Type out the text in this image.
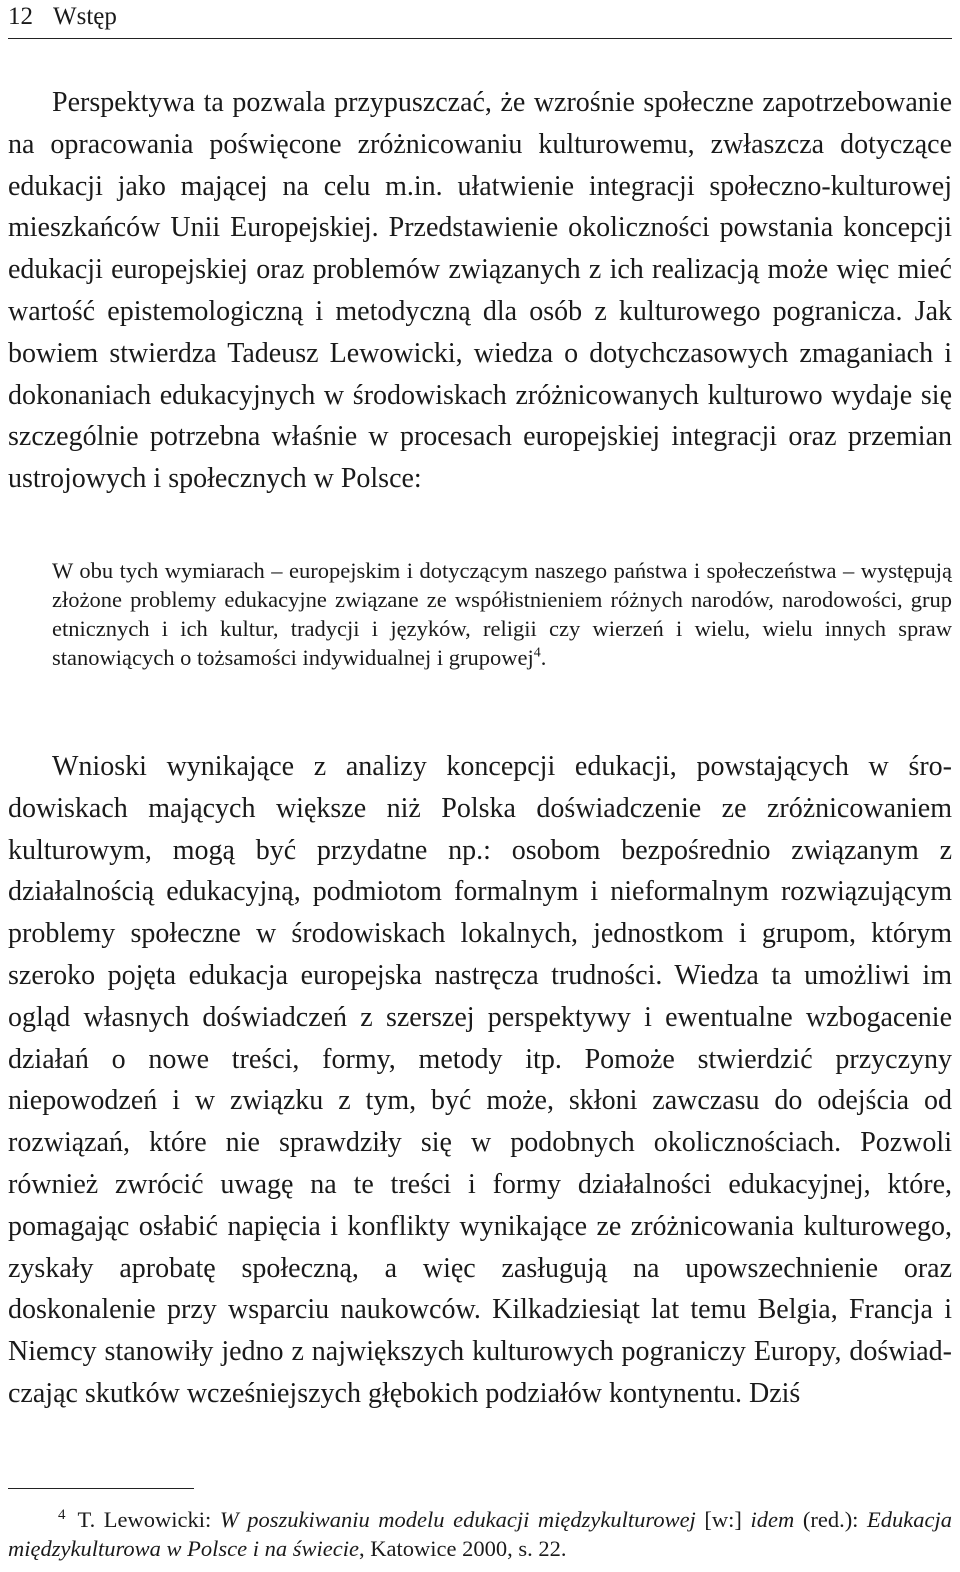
12 Wstęp

Perspektywa ta pozwala przypuszczać, że wzrośnie społeczne zapotrzebowanie na opracowania poświęcone zróżnicowaniu kulturowemu, zwłaszcza dotyczące edukacji jako mającej na celu m.in. ułatwienie integracji społeczno-kulturowej mieszkańców Unii Europejskiej. Przedstawienie okoliczności powstania koncepcji edukacji europejskiej oraz problemów związanych z ich realizacją może więc mieć wartość epistemologiczną i metodyczną dla osób z kulturowego pogranicza. Jak bowiem stwierdza Tadeusz Lewowicki, wiedza o dotychczasowych zmaganiach i dokonaniach edukacyjnych w środowiskach zróżnicowanych kulturowo wydaje się szczególnie potrzebna właśnie w procesach europejskiej integracji oraz przemian ustrojowych i społecznych w Polsce:

W obu tych wymiarach – europejskim i dotyczącym naszego państwa i społeczeństwa – występują złożone problemy edukacyjne związane ze współistnieniem różnych narodów, narodowości, grup etnicznych i ich kultur, tradycji i języków, religii czy wierzeń i wielu, wielu innych spraw stanowiących o tożsamości indywidualnej i grupowej$^4$.

Wnioski wynikające z analizy koncepcji edukacji, powstających w środowiskach mających większe niż Polska doświadczenie ze zróżnicowaniem kulturowym, mogą być przydatne np.: osobom bezpośrednio związanym z działalnością edukacyjną, podmiotom formalnym i nieformalnym rozwiązującym problemy społeczne w środowiskach lokalnych, jednostkom i grupom, którym szeroko pojęta edukacja europejska nastręcza trudności. Wiedza ta umożliwi im ogląd własnych doświadczeń z szerszej perspektywy i ewentualne wzbogacenie działań o nowe treści, formy, metody itp. Pomoże stwierdzić przyczyny niepowodzeń i w związku z tym, być może, skłoni zawczasu do odejścia od rozwiązań, które nie sprawdziły się w podobnych okolicznościach. Pozwoli również zwrócić uwagę na te treści i formy działalności edukacyjnej, które, pomagając osłabić napięcia i konflikty wynikające ze zróżnicowania kulturowego, zyskały aprobatę społeczną, a więc zasługują na upowszechnienie oraz doskonalenie przy wsparciu naukowców. Kilkadziesiąt lat temu Belgia, Francja i Niemcy stanowiły jedno z największych kulturowych pograniczy Europy, doświadczając skutków wcześniejszych głębokich podziałów kontynentu. Dziś

$^4$ T. Lewowicki: W poszukiwaniu modelu edukacji międzykulturowej [w:] idem (red.): Edukacja międzykulturowa w Polsce i na świecie, Katowice 2000, s. 22.
